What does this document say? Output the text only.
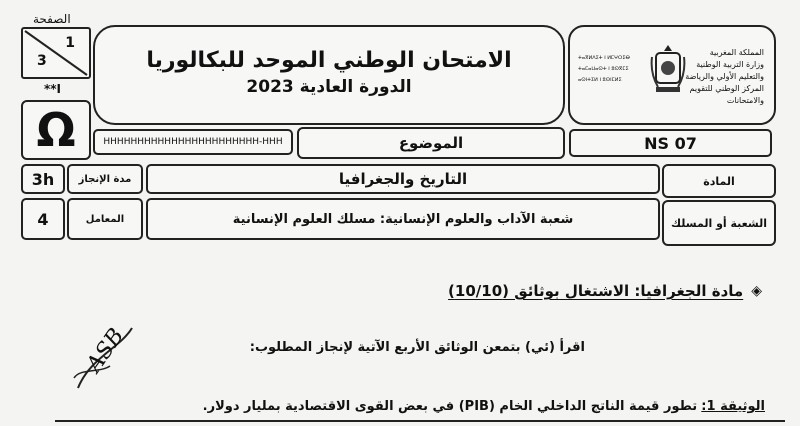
1
3
الصفحة
**I
Ω
الامتحان الوطني الموحد للبكالوريا
الدورة العادية 2023
ⵜⴰⴳⵍⴷⵉⵜ ⵏ ⵍⵎⵖⵔⵉⴱ
ⵜⴰⵎⴰⵡⴰⵙⵜ ⵏ ⵓⵙⴳⵎⵉ
ⴰⵙⵏⵜⵉⵍ ⵏ ⵓⵙⵏⵎⵍⵉ
المملكة المغربية
وزارة التربية الوطنية
والتعليم الأولي والرياضة
المركز الوطني للتقويم والامتحانات
HHHHHHHHHHHHHHHHHHHHHHH-HHH	الموضوع	NS 07
3h مدة الإنجاز	التاريخ والجغرافيا	المادة
4	المعامل	شعبة الآداب والعلوم الإنسانية: مسلك العلوم الإنسانية	الشعبة أو المسلك
◈
مادة الجغرافيا: الاشتغال بوثائق (10/10)
اقرأ (ئي) بتمعن الوثائق الأربع الآتية لإنجاز المطلوب:
الوثيقة 1: تطور قيمة الناتج الداخلي الخام (PIB) في بعض القوى الاقتصادية بمليار دولار.
ASB
